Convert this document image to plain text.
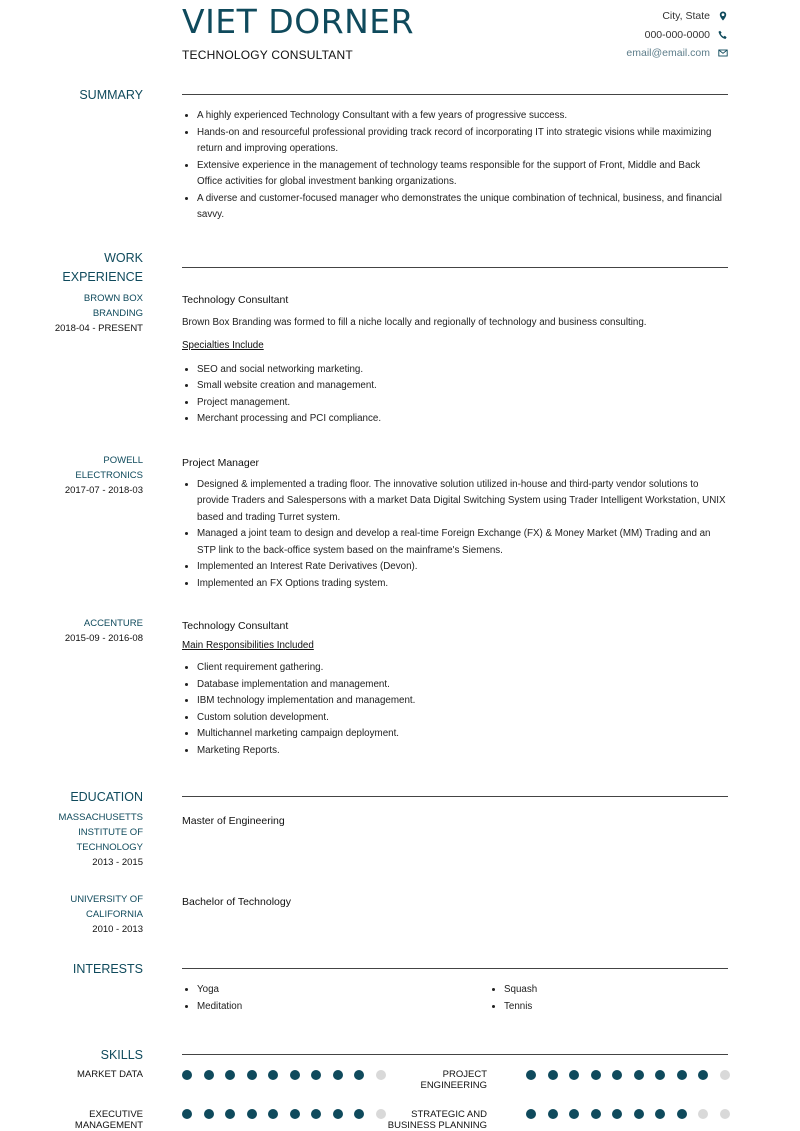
VIET DORNER
TECHNOLOGY CONSULTANT
City, State
000-000-0000
email@email.com
SUMMARY
• A highly experienced Technology Consultant with a few years of progressive success.
• Hands-on and resourceful professional providing track record of incorporating IT into strategic visions while maximizing return and improving operations.
• Extensive experience in the management of technology teams responsible for the support of Front, Middle and Back Office activities for global investment banking organizations.
• A diverse and customer-focused manager who demonstrates the unique combination of technical, business, and financial savvy.
WORK
EXPERIENCE
BROWN BOX
BRANDING
2018-04 - PRESENT
Technology Consultant
Brown Box Branding was formed to fill a niche locally and regionally of technology and business consulting.
Specialties Include
• SEO and social networking marketing.
• Small website creation and management.
• Project management.
• Merchant processing and PCI compliance.
POWELL
ELECTRONICS
2017-07 - 2018-03
Project Manager
• Designed & implemented a trading floor. The innovative solution utilized in-house and third-party vendor solutions to provide Traders and Salespersons with a market Data Digital Switching System using Trader Intelligent Workstation, UNIX based and trading Turret system.
• Managed a joint team to design and develop a real-time Foreign Exchange (FX) & Money Market (MM) Trading and an STP link to the back-office system based on the mainframe's Siemens.
• Implemented an Interest Rate Derivatives (Devon).
• Implemented an FX Options trading system.
ACCENTURE
2015-09 - 2016-08
Technology Consultant
Main Responsibilities Included
• Client requirement gathering.
• Database implementation and management.
• IBM technology implementation and management.
• Custom solution development.
• Multichannel marketing campaign deployment.
• Marketing Reports.
EDUCATION
MASSACHUSETTS
INSTITUTE OF
TECHNOLOGY
2013 - 2015
Master of Engineering
UNIVERSITY OF
CALIFORNIA
2010 - 2013
Bachelor of Technology
INTERESTS
• Yoga
• Meditation
• Squash
• Tennis
SKILLS
MARKET DATA	PROJECT
ENGINEERING
EXECUTIVE
MANAGEMENT
STRATEGIC AND
BUSINESS PLANNING
